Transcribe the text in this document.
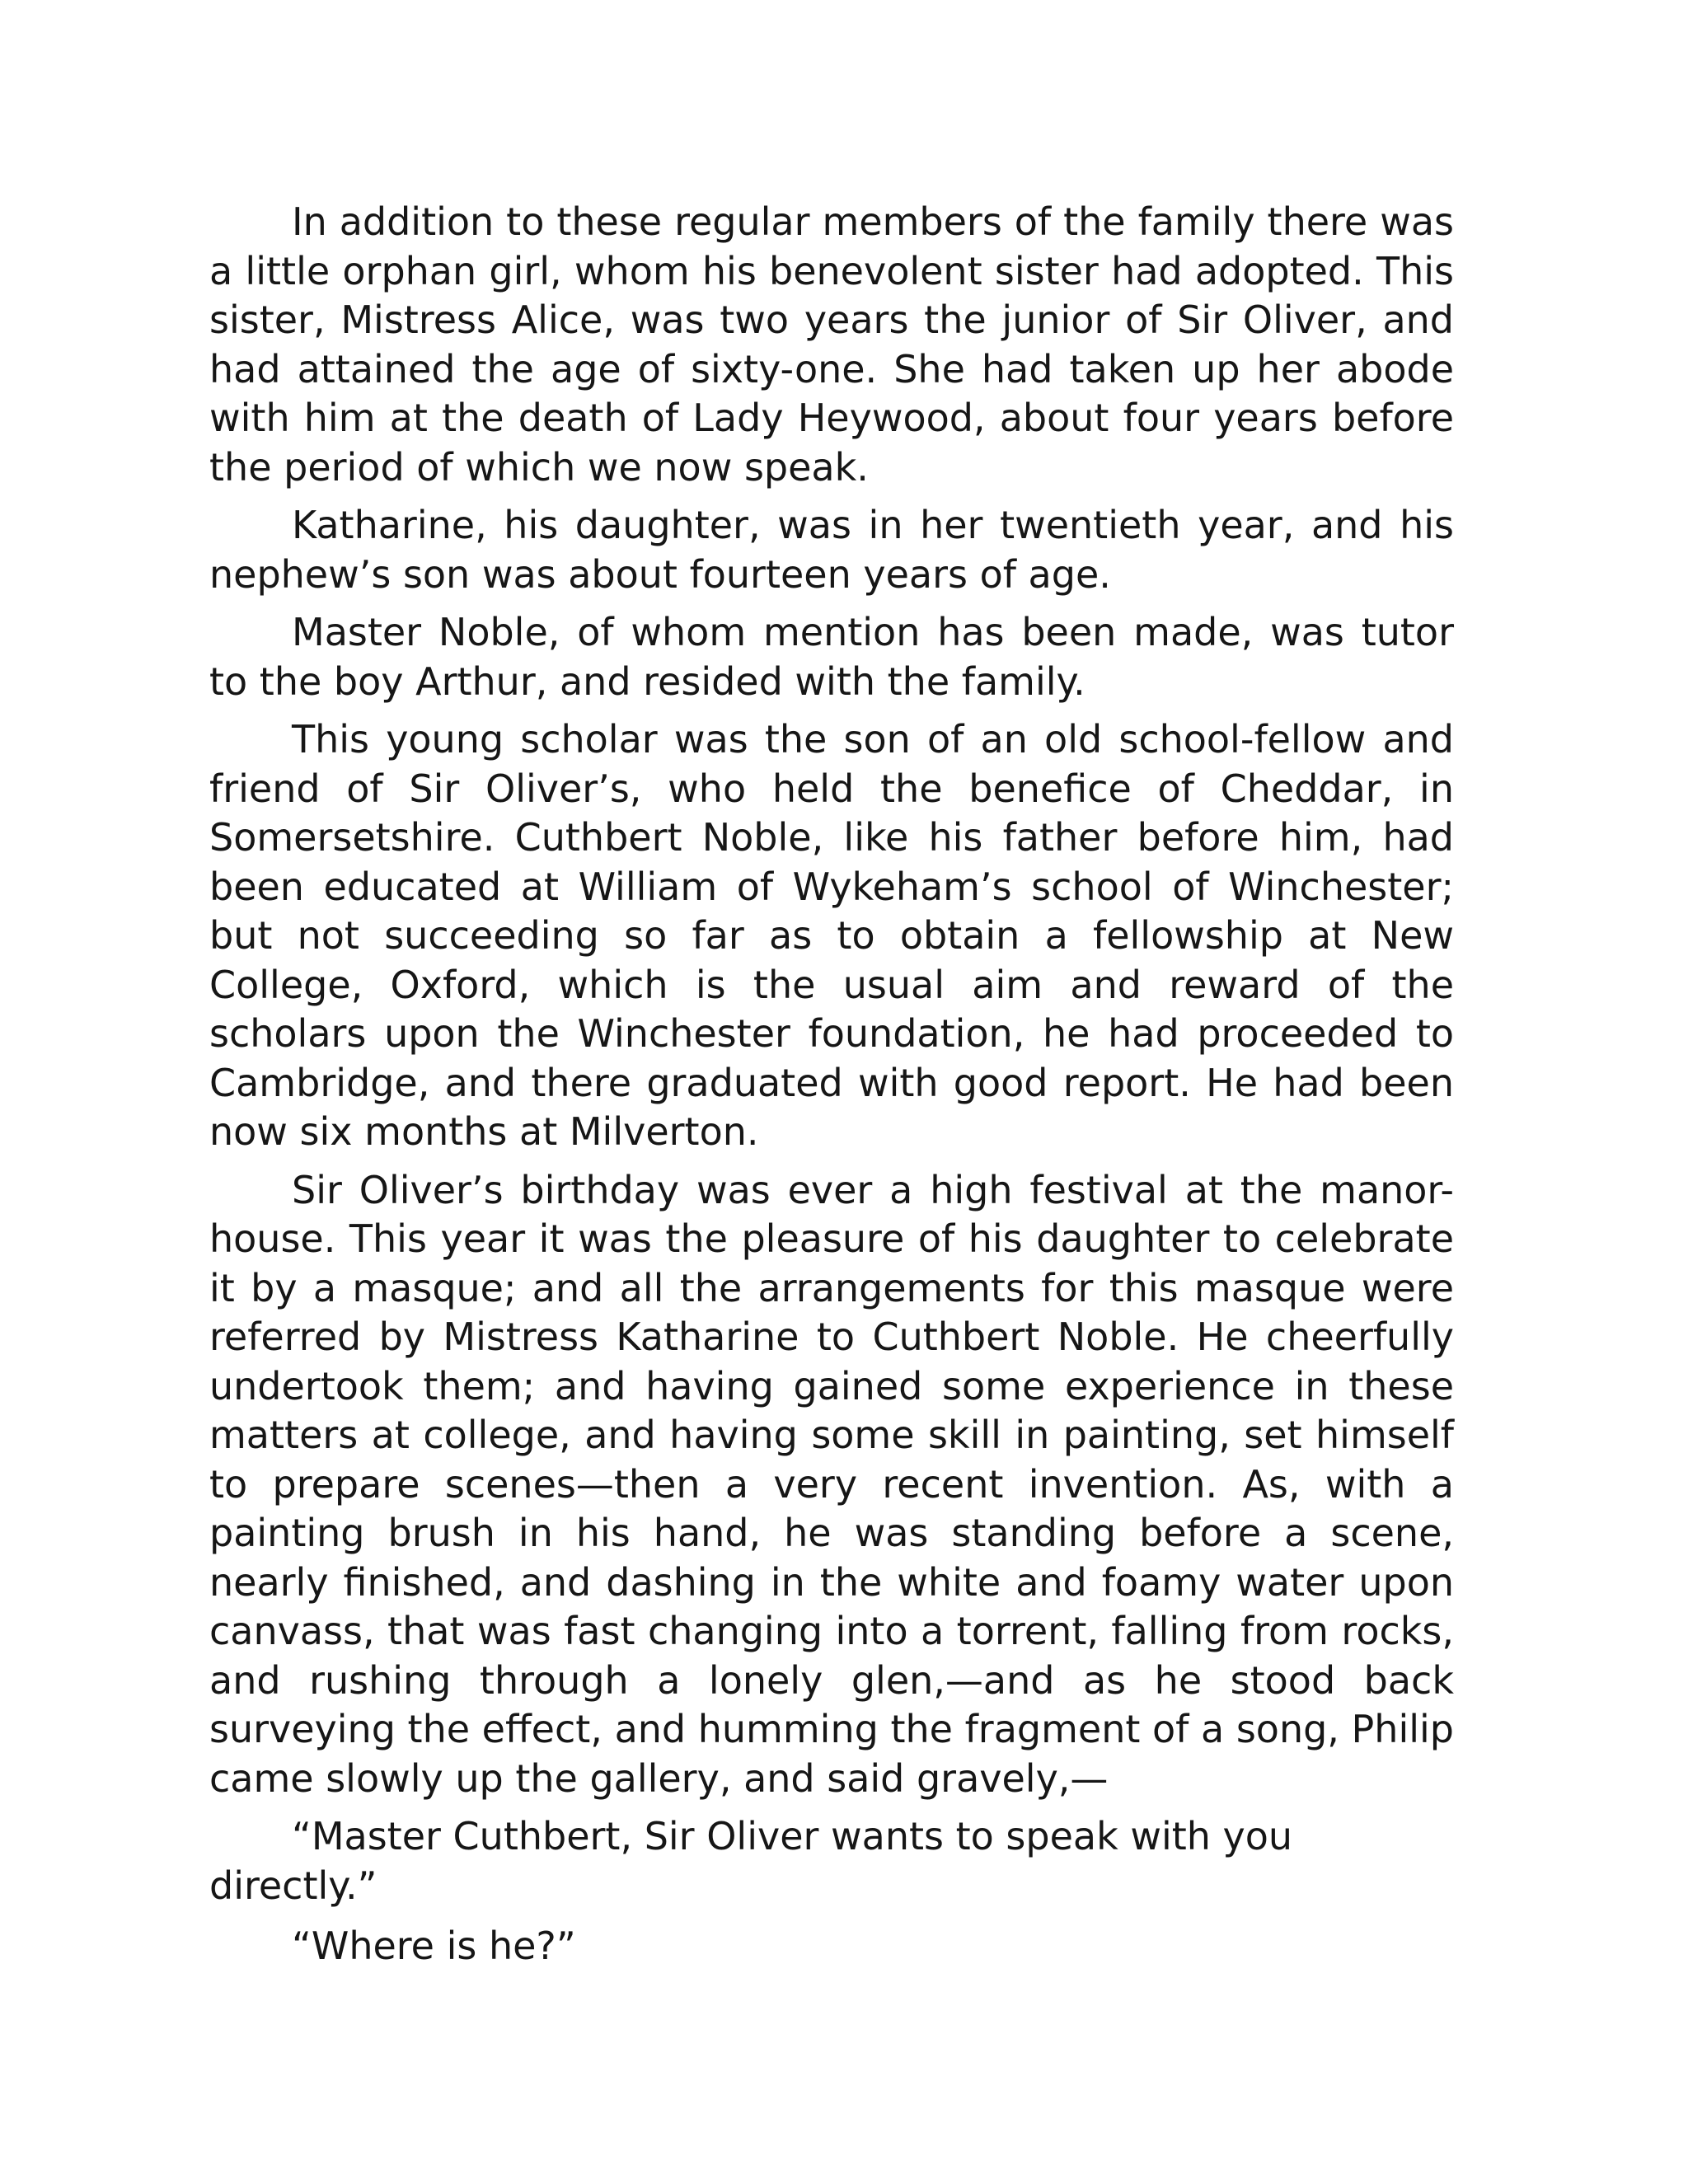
In addition to these regular members of the family there was a little orphan girl, whom his benevolent sister had adopted. This sister, Mistress Alice, was two years the junior of Sir Oliver, and had attained the age of sixty-one. She had taken up her abode with him at the death of Lady Heywood, about four years before the period of which we now speak.

Katharine, his daughter, was in her twentieth year, and his nephew’s son was about fourteen years of age.

Master Noble, of whom mention has been made, was tutor to the boy Arthur, and resided with the family.

This young scholar was the son of an old school-fellow and friend of Sir Oliver’s, who held the benefice of Cheddar, in Somersetshire. Cuthbert Noble, like his father before him, had been educated at William of Wykeham’s school of Winchester; but not succeeding so far as to obtain a fellowship at New College, Oxford, which is the usual aim and reward of the scholars upon the Winchester foundation, he had proceeded to Cambridge, and there graduated with good report. He had been now six months at Milverton.

Sir Oliver’s birthday was ever a high festival at the manor-house. This year it was the pleasure of his daughter to celebrate it by a masque; and all the arrangements for this masque were referred by Mistress Katharine to Cuthbert Noble. He cheerfully undertook them; and having gained some experience in these matters at college, and having some skill in painting, set himself to prepare scenes—then a very recent invention. As, with a painting brush in his hand, he was standing before a scene, nearly finished, and dashing in the white and foamy water upon canvass, that was fast changing into a torrent, falling from rocks, and rushing through a lonely glen,—and as he stood back surveying the effect, and humming the fragment of a song, Philip came slowly up the gallery, and said gravely,—

“Master Cuthbert, Sir Oliver wants to speak with you directly.”

“Where is he?”
